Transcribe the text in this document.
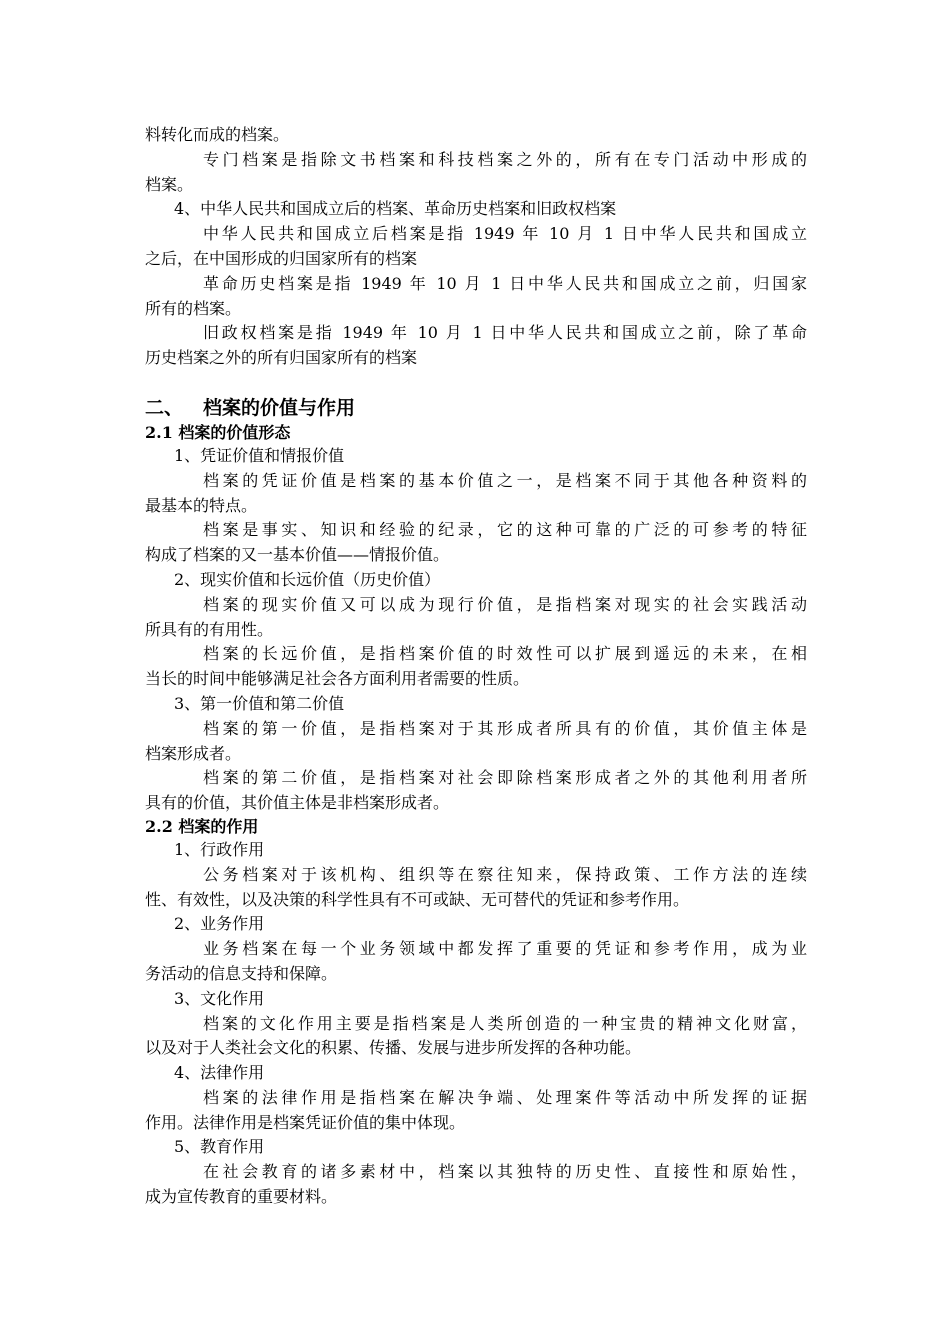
料转化而成的档案。
专门档案是指除文书档案和科技档案之外的，所有在专门活动中形成的
档案。
4、中华人民共和国成立后的档案、革命历史档案和旧政权档案
中华人民共和国成立后档案是指 1949 年 10 月 1 日中华人民共和国成立
之后，在中国形成的归国家所有的档案
革命历史档案是指 1949 年 10 月 1 日中华人民共和国成立之前，归国家
所有的档案。
旧政权档案是指 1949 年 10 月 1 日中华人民共和国成立之前，除了革命
历史档案之外的所有归国家所有的档案
二、 档案的价值与作用
2.1 档案的价值形态
1、凭证价值和情报价值
档案的凭证价值是档案的基本价值之一，是档案不同于其他各种资料的
最基本的特点。
档案是事实、知识和经验的纪录，它的这种可靠的广泛的可参考的特征
构成了档案的又一基本价值——情报价值。
2、现实价值和长远价值（历史价值）
档案的现实价值又可以成为现行价值，是指档案对现实的社会实践活动
所具有的有用性。
档案的长远价值，是指档案价值的时效性可以扩展到遥远的未来，在相
当长的时间中能够满足社会各方面利用者需要的性质。
3、第一价值和第二价值
档案的第一价值，是指档案对于其形成者所具有的价值，其价值主体是
档案形成者。
档案的第二价值，是指档案对社会即除档案形成者之外的其他利用者所
具有的价值，其价值主体是非档案形成者。
2.2 档案的作用
1、行政作用
公务档案对于该机构、组织等在察往知来，保持政策、工作方法的连续
性、有效性，以及决策的科学性具有不可或缺、无可替代的凭证和参考作用。
2、业务作用
业务档案在每一个业务领域中都发挥了重要的凭证和参考作用，成为业
务活动的信息支持和保障。
3、文化作用
档案的文化作用主要是指档案是人类所创造的一种宝贵的精神文化财富，
以及对于人类社会文化的积累、传播、发展与进步所发挥的各种功能。
4、法律作用
档案的法律作用是指档案在解决争端、处理案件等活动中所发挥的证据
作用。法律作用是档案凭证价值的集中体现。
5、教育作用
在社会教育的诸多素材中，档案以其独特的历史性、直接性和原始性，
成为宣传教育的重要材料。
